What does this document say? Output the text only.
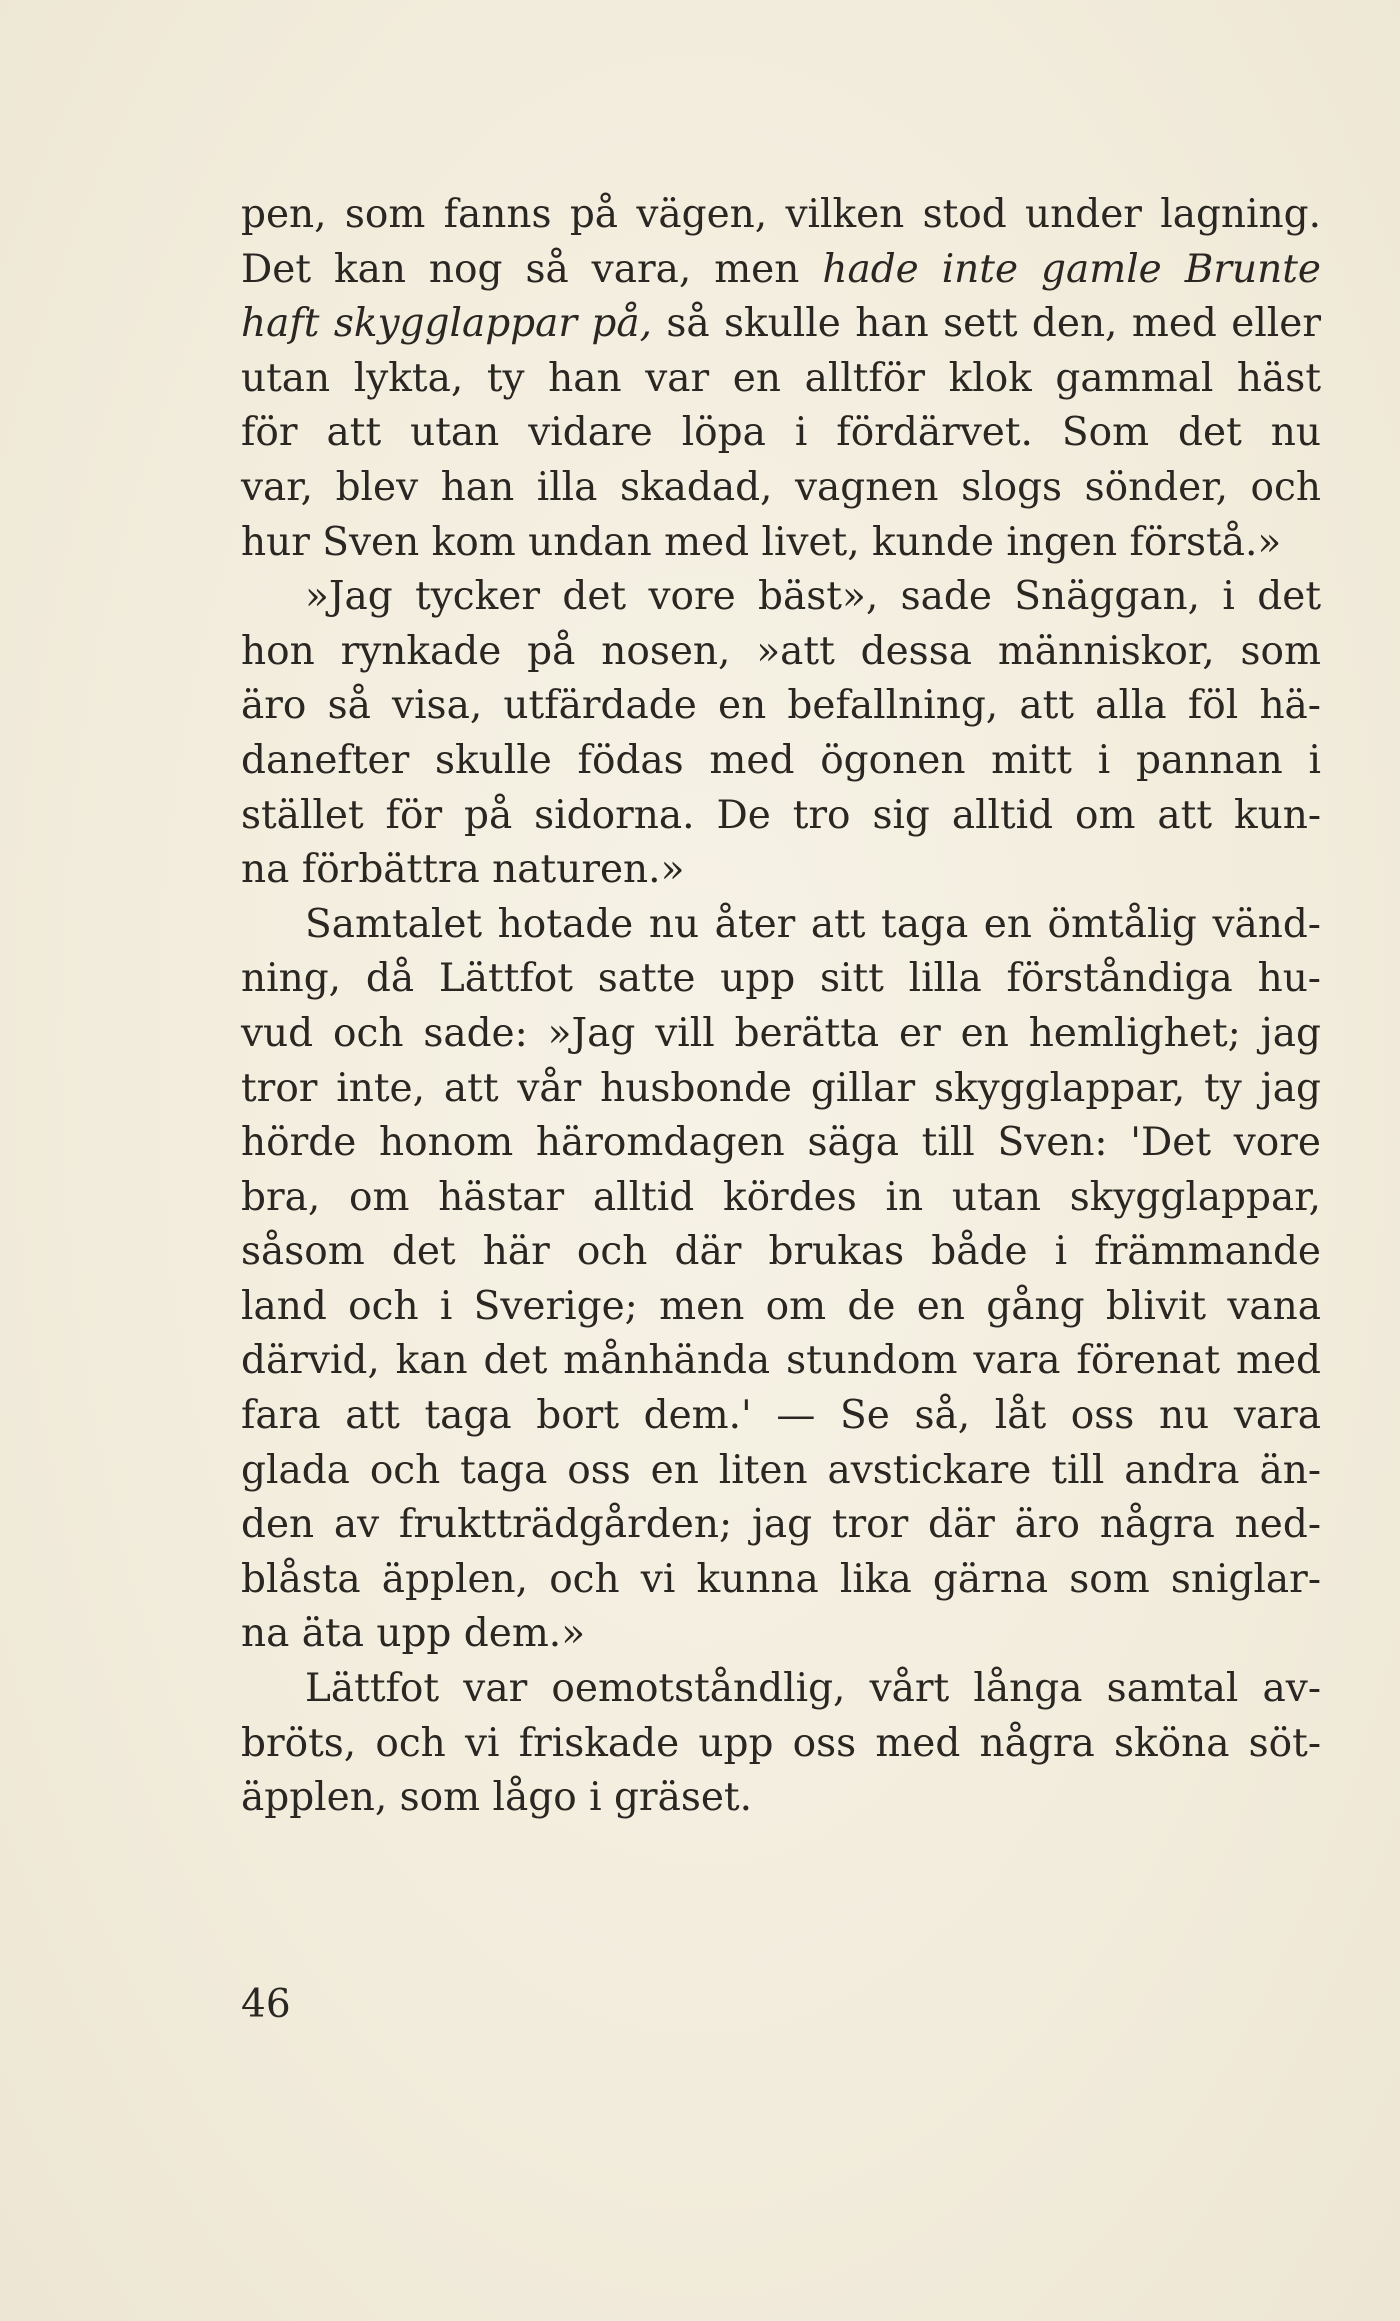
pen, som fanns på vägen, vilken stod under lagning.
Det kan nog så vara, men hade inte gamle Brunte
haft skygglappar på, så skulle han sett den, med eller
utan lykta, ty han var en alltför klok gammal häst
för att utan vidare löpa i fördärvet. Som det nu
var, blev han illa skadad, vagnen slogs sönder, och
hur Sven kom undan med livet, kunde ingen förstå.»
»Jag tycker det vore bäst», sade Snäggan, i det
hon rynkade på nosen, »att dessa människor, som
äro så visa, utfärdade en befallning, att alla föl hä-
danefter skulle födas med ögonen mitt i pannan i
stället för på sidorna. De tro sig alltid om att kun-
na förbättra naturen.»
Samtalet hotade nu åter att taga en ömtålig vänd-
ning, då Lättfot satte upp sitt lilla förståndiga hu-
vud och sade: »Jag vill berätta er en hemlighet; jag
tror inte, att vår husbonde gillar skygglappar, ty jag
hörde honom häromdagen säga till Sven: 'Det vore
bra, om hästar alltid kördes in utan skygglappar,
såsom det här och där brukas både i främmande
land och i Sverige; men om de en gång blivit vana
därvid, kan det månhända stundom vara förenat med
fara att taga bort dem.' — Se så, låt oss nu vara
glada och taga oss en liten avstickare till andra än-
den av fruktträdgården; jag tror där äro några ned-
blåsta äpplen, och vi kunna lika gärna som sniglar-
na äta upp dem.»
Lättfot var oemotståndlig, vårt långa samtal av-
bröts, och vi friskade upp oss med några sköna söt-
äpplen, som lågo i gräset.
46
